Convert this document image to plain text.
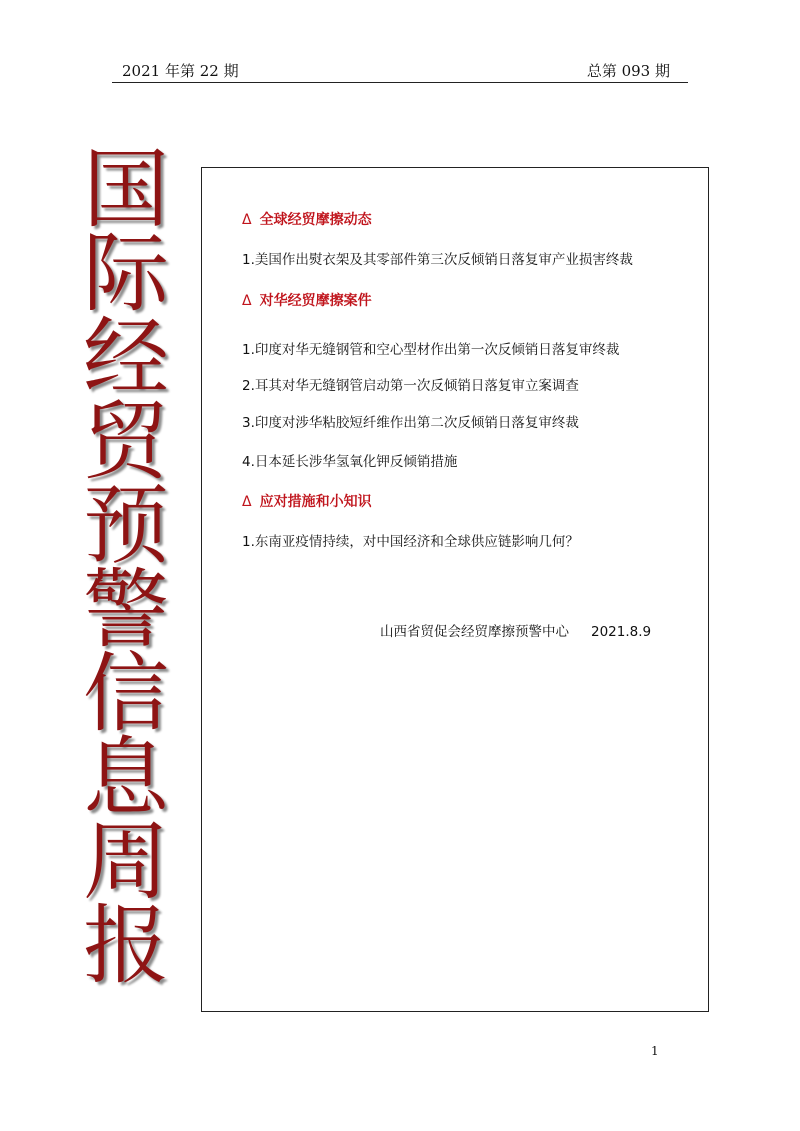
2021 年第 22 期	总第 093 期
国
际
经
贸
预
警
信
息
周
报
Δ 全球经贸摩擦动态
1.美国作出熨衣架及其零部件第三次反倾销日落复审产业损害终裁
Δ 对华经贸摩擦案件
1.印度对华无缝钢管和空心型材作出第一次反倾销日落复审终裁
2.耳其对华无缝钢管启动第一次反倾销日落复审立案调查
3.印度对涉华粘胶短纤维作出第二次反倾销日落复审终裁
4.日本延长涉华氢氧化钾反倾销措施
Δ 应对措施和小知识
1.东南亚疫情持续，对中国经济和全球供应链影响几何？
山西省贸促会经贸摩擦预警中心 2021.8.9
1
